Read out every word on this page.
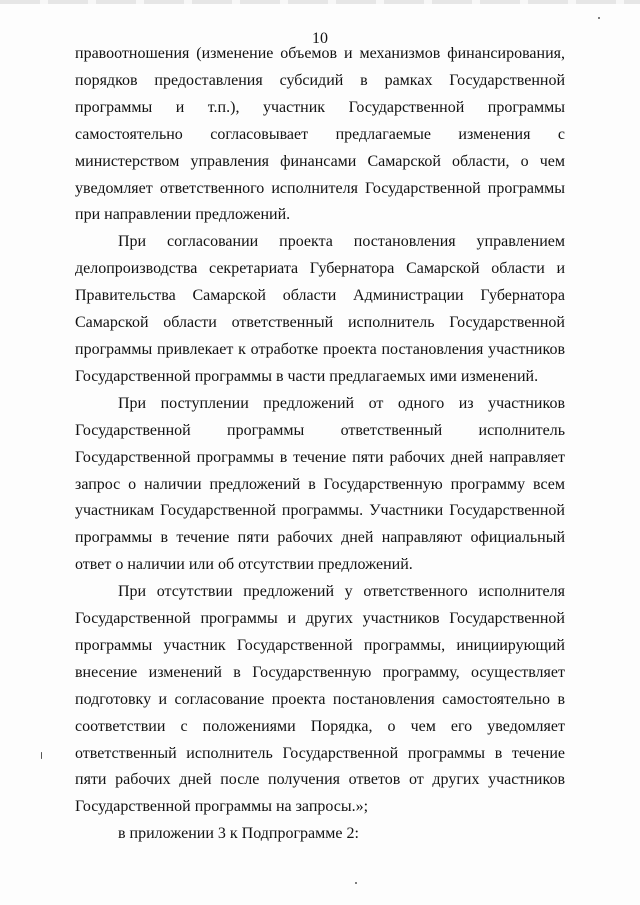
10

правоотношения (изменение объемов и механизмов финансирования, порядков предоставления субсидий в рамках Государственной программы и т.п.), участник Государственной программы самостоятельно согласовывает предлагаемые изменения с министерством управления финансами Самарской области, о чем уведомляет ответственного исполнителя Государственной программы при направлении предложений.

При согласовании проекта постановления управлением делопроизводства секретариата Губернатора Самарской области и Правительства Самарской области Администрации Губернатора Самарской области ответственный исполнитель Государственной программы привлекает к отработке проекта постановления участников Государственной программы в части предлагаемых ими изменений.

При поступлении предложений от одного из участников Государственной программы ответственный исполнитель Государственной программы в течение пяти рабочих дней направляет запрос о наличии предложений в Государственную программу всем участникам Государственной программы. Участники Государственной программы в течение пяти рабочих дней направляют официальный ответ о наличии или об отсутствии предложений.

При отсутствии предложений у ответственного исполнителя Государственной программы и других участников Государственной программы участник Государственной программы, инициирующий внесение изменений в Государственную программу, осуществляет подготовку и согласование проекта постановления самостоятельно в соответствии с положениями Порядка, о чем его уведомляет ответственный исполнитель Государственной программы в течение пяти рабочих дней после получения ответов от других участников Государственной программы на запросы.»;

в приложении 3 к Подпрограмме 2:
